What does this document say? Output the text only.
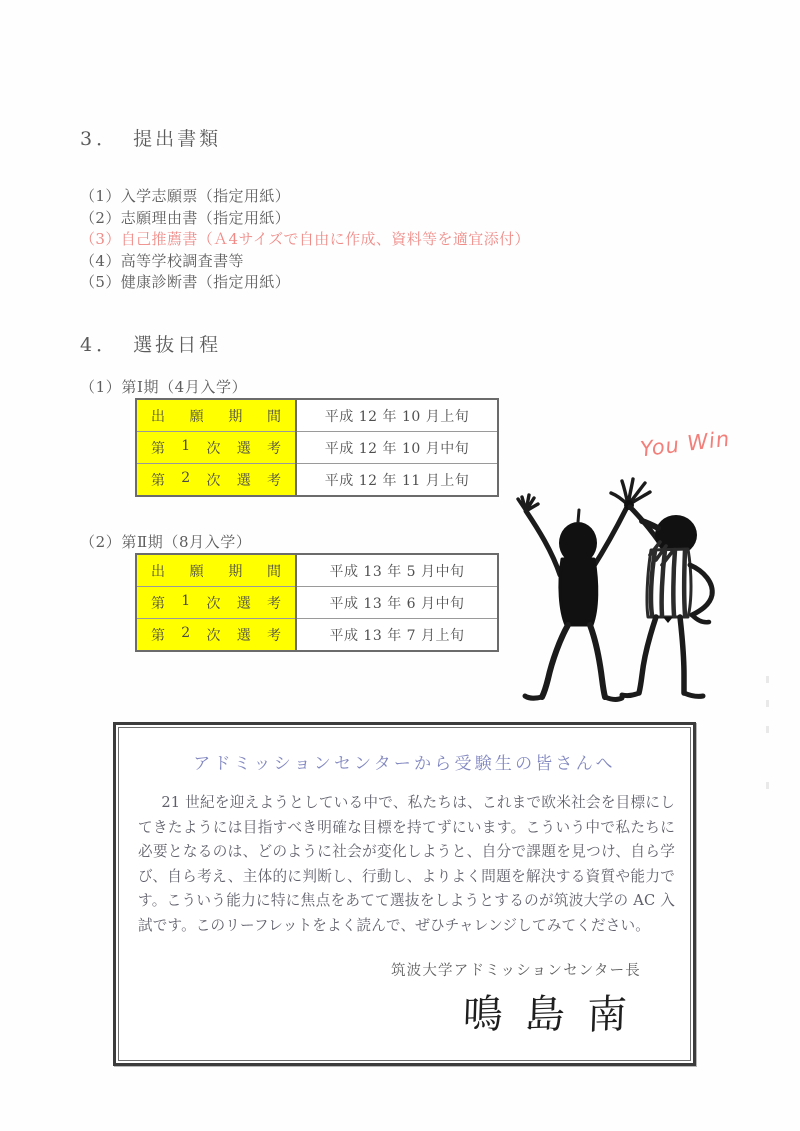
3． 提出書類
（1）入学志願票（指定用紙）
（2）志願理由書（指定用紙）
（3）自己推薦書（Ａ4サイズで自由に作成、資料等を適宜添付）
（4）高等学校調査書等
（5）健康診断書（指定用紙）
4． 選抜日程
（1）第Ⅰ期（4月入学）
出 願 期 間	平成 12 年 10 月上旬

第 1 次 選 考	平成 12 年 10 月中旬

第 2 次 選 考	平成 12 年 11 月上旬
（2）第Ⅱ期（8月入学）
出 願 期 間	平成 13 年 5 月中旬

第 1 次 選 考	平成 13 年 6 月中旬

第 2 次 選 考	平成 13 年 7 月上旬
You Win
アドミッションセンターから受験生の皆さんへ
21 世紀を迎えようとしている中で、私たちは、これまで欧米社会を目標にしてきたようには目指すべき明確な目標を持てずにいます。こういう中で私たちに必要となるのは、どのように社会が変化しようと、自分で課題を見つけ、自ら学び、自ら考え、主体的に判断し、行動し、よりよく問題を解決する資質や能力です。こういう能力に特に焦点をあてて選抜をしようとするのが筑波大学の AC 入試です。このリーフレットをよく読んで、ぜひチャレンジしてみてください。
筑波大学アドミッションセンター長
鳴 島 南
